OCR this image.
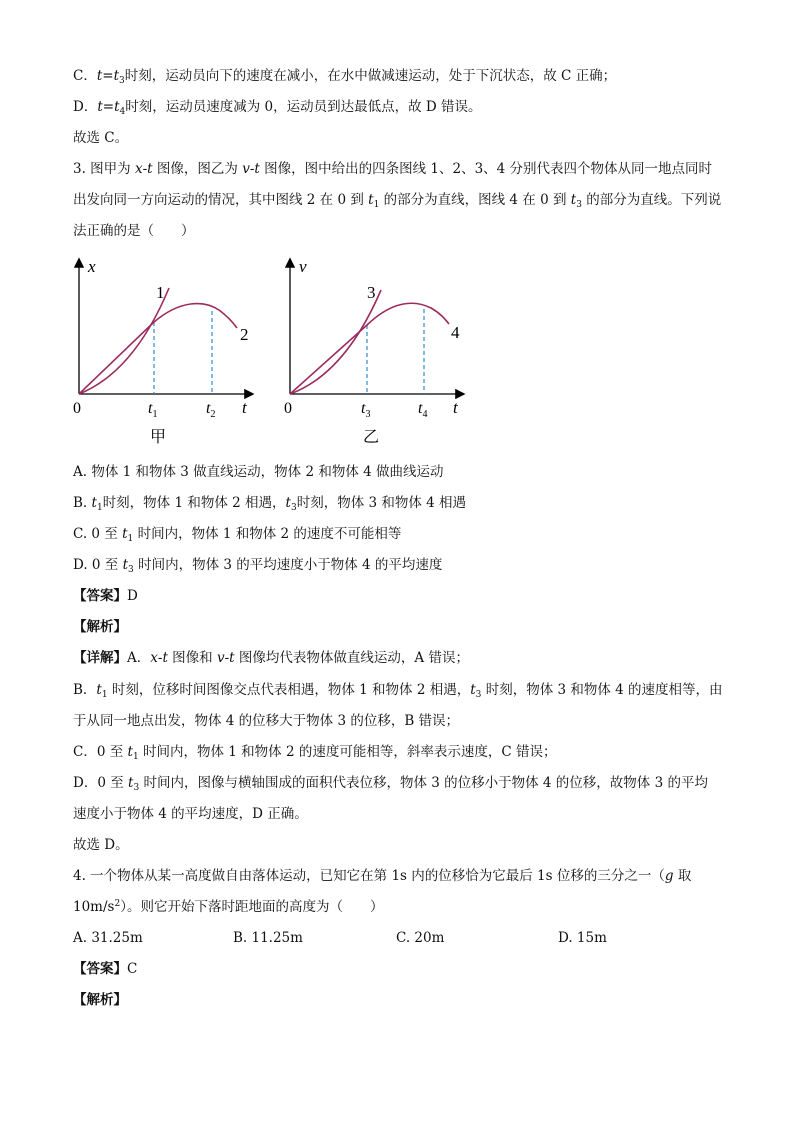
C．$t=t_3$时刻，运动员向下的速度在减小，在水中做减速运动，处于下沉状态，故 C 正确；
D．$t=t_4$时刻，运动员速度减为 0，运动员到达最低点，故 D 错误。
故选 C。
3. 图甲为 x-t 图像，图乙为 v-t 图像，图中给出的四条图线 1、2、3、4 分别代表四个物体从同一地点同时
出发向同一方向运动的情况，其中图线 2 在 0 到 $t_1$ 的部分为直线，图线 4 在 0 到 $t_3$ 的部分为直线。下列说
法正确的是（　　）
x
1
2
0	$t_1$	$t_2$ t
甲
v
3
4
0	$t_3$	$t_4$ t
乙
A. 物体 1 和物体 3 做直线运动，物体 2 和物体 4 做曲线运动
B. $t_1$时刻，物体 1 和物体 2 相遇，$t_3$时刻，物体 3 和物体 4 相遇
C. 0 至 $t_1$ 时间内，物体 1 和物体 2 的速度不可能相等
D. 0 至 $t_3$ 时间内，物体 3 的平均速度小于物体 4 的平均速度
【答案】D
【解析】
【详解】A．x-t 图像和 v-t 图像均代表物体做直线运动，A 错误；
B．$t_1$ 时刻，位移时间图像交点代表相遇，物体 1 和物体 2 相遇，$t_3$ 时刻，物体 3 和物体 4 的速度相等，由
于从同一地点出发，物体 4 的位移大于物体 3 的位移，B 错误；
C．0 至 $t_1$ 时间内，物体 1 和物体 2 的速度可能相等，斜率表示速度，C 错误；
D．0 至 $t_3$ 时间内，图像与横轴围成的面积代表位移，物体 3 的位移小于物体 4 的位移，故物体 3 的平均
速度小于物体 4 的平均速度，D 正确。
故选 D。
4. 一个物体从某一高度做自由落体运动，已知它在第 1s 内的位移恰为它最后 1s 位移的三分之一（g 取
$10m/s^2$）。则它开始下落时距地面的高度为（　　）
A. 31.25m	B. 11.25m	C. 20m	D. 15m
【答案】C
【解析】
